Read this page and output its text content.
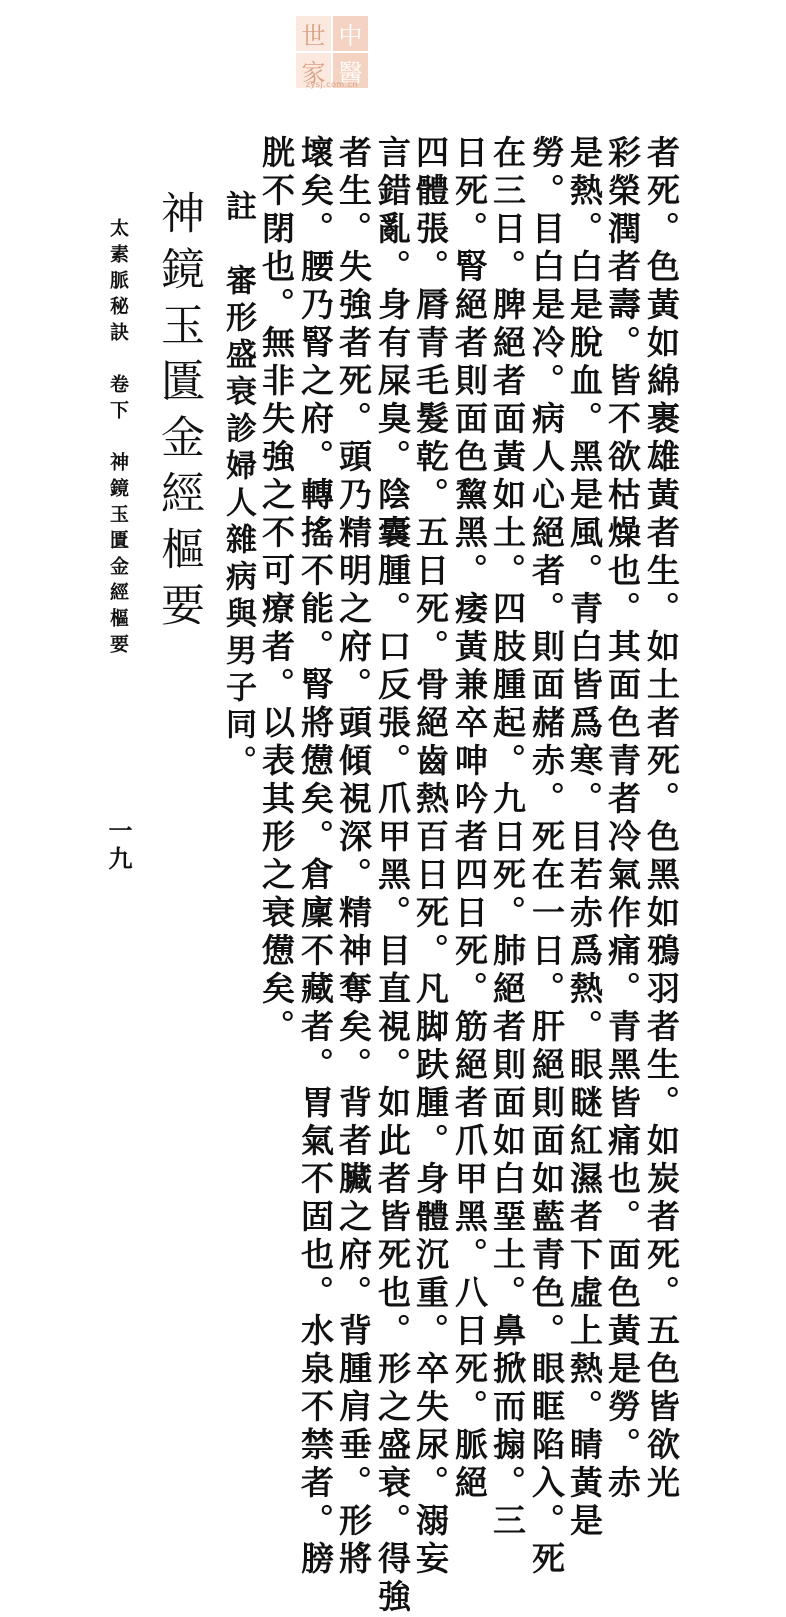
世 中
家 醫
zysj.com.cn
者死。色黃如綿裹雄黃者生。如土者死。色黑如鴉羽者生。如炭者死。五色皆欲光
彩榮潤者壽。皆不欲枯燥也。其面色青者冷氣作痛。青黑皆痛也。面色黃是勞。赤
是熱。白是脫血。黑是風。青白皆爲寒。目若赤爲熱。眼瞇紅濕者下虛上熱。睛黃是
勞。目白是冷。病人心絕者。則面赭赤。死在一日。肝絕則面如藍青色。眼眶陷入。死
在三日。脾絕者面黃如土。四肢腫起。九日死。肺絕者則面如白堊土。鼻掀而搧。三
日死。腎絕者則面色黧黑。痿黃兼卒呻吟者四日死。筋絕者爪甲黑。八日死。脈絕
四體張。脣青毛髮乾。五日死。骨絕齒熱百日死。凡脚趺腫。身體沉重。卒失尿。溺妄
言錯亂。身有屎臭。陰囊腫。口反張。爪甲黑。目直視。如此者皆死也。形之盛衰。得強
者生。失強者死。頭乃精明之府。頭傾視深。精神奪矣。背者臟之府。背腫肩垂。形將
壞矣。腰乃腎之府。轉搖不能。腎將憊矣。倉廩不藏者。胃氣不固也。水泉不禁者。膀
胱不閉也。無非失強之不可療者。以表其形之衰憊矣。
註　審形盛衰診婦人雜病與男子同。
神鏡玉匱金經樞要
太素脈秘訣　卷下　神鏡玉匱金經樞要
一九
